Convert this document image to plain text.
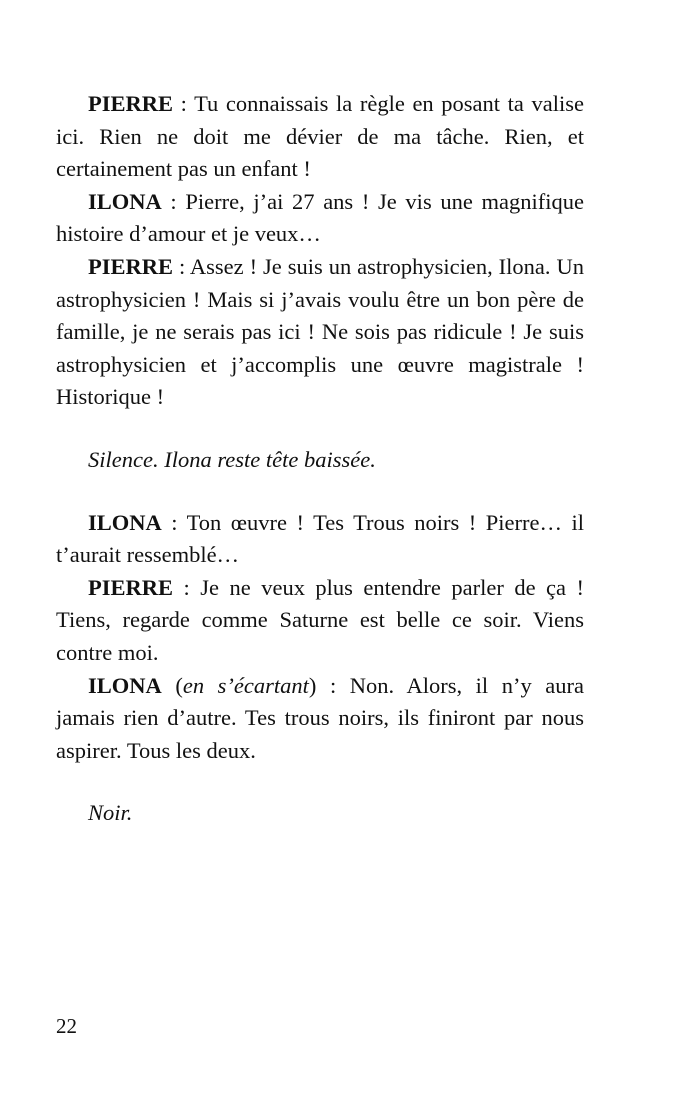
PIERRE : Tu connaissais la règle en posant ta valise ici. Rien ne doit me dévier de ma tâche. Rien, et certainement pas un enfant !

ILONA : Pierre, j’ai 27 ans ! Je vis une magnifique histoire d’amour et je veux…

PIERRE : Assez ! Je suis un astrophysicien, Ilona. Un astrophysicien ! Mais si j’avais voulu être un bon père de famille, je ne serais pas ici ! Ne sois pas ridicule ! Je suis astrophysicien et j’accomplis une œuvre magistrale ! Historique !

Silence. Ilona reste tête baissée.

ILONA : Ton œuvre ! Tes Trous noirs ! Pierre… il t’aurait ressemblé…

PIERRE : Je ne veux plus entendre parler de ça ! Tiens, regarde comme Saturne est belle ce soir. Viens contre moi.

ILONA (en s’écartant) : Non. Alors, il n’y aura jamais rien d’autre. Tes trous noirs, ils finiront par nous aspirer. Tous les deux.

Noir.

22
